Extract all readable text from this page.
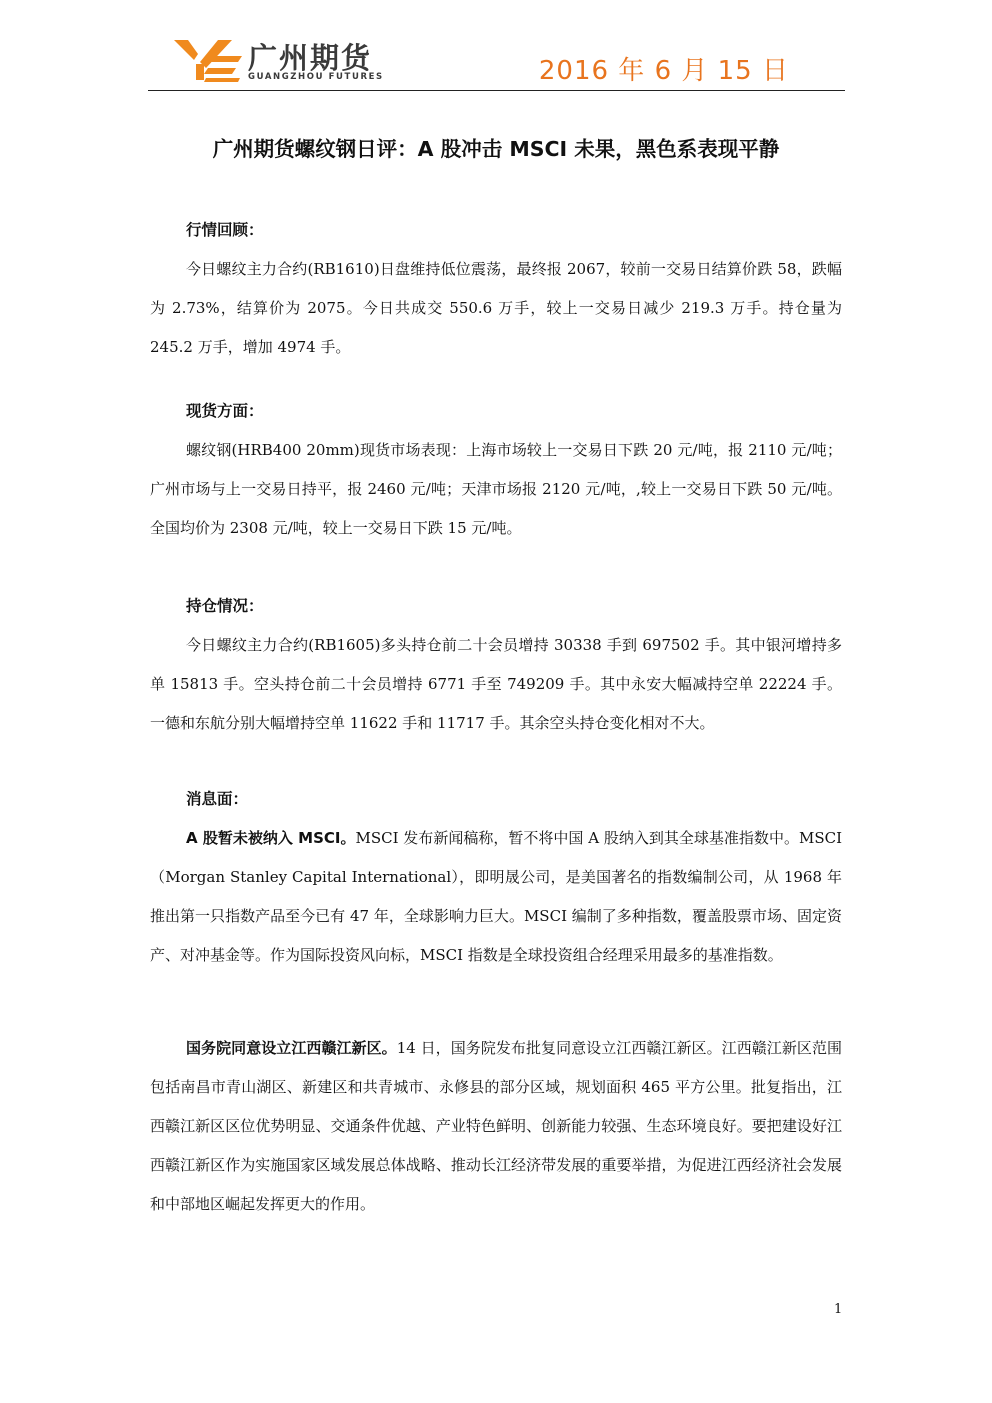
广州期货
GUANGZHOU FUTURES	2016 年 6 月 15 日
广州期货螺纹钢日评：A 股冲击 MSCI 未果，黑色系表现平静
行情回顾：

今日螺纹主力合约(RB1610)日盘维持低位震荡，最终报 2067，较前一交易日结算价跌 58，跌幅为 2.73%，结算价为 2075。今日共成交 550.6 万手，较上一交易日减少 219.3 万手。持仓量为 245.2 万手，增加 4974 手。

现货方面：

螺纹钢(HRB400 20mm)现货市场表现：上海市场较上一交易日下跌 20 元/吨，报 2110 元/吨；广州市场与上一交易日持平，报 2460 元/吨；天津市场报 2120 元/吨，,较上一交易日下跌 50 元/吨。全国均价为 2308 元/吨，较上一交易日下跌 15 元/吨。

持仓情况：

今日螺纹主力合约(RB1605)多头持仓前二十会员增持 30338 手到 697502 手。其中银河增持多单 15813 手。空头持仓前二十会员增持 6771 手至 749209 手。其中永安大幅减持空单 22224 手。一德和东航分别大幅增持空单 11622 手和 11717 手。其余空头持仓变化相对不大。

消息面：

A 股暂未被纳入 MSCI。MSCI 发布新闻稿称，暂不将中国 A 股纳入到其全球基准指数中。MSCI（Morgan Stanley Capital International），即明晟公司，是美国著名的指数编制公司，从 1968 年推出第一只指数产品至今已有 47 年，全球影响力巨大。MSCI 编制了多种指数，覆盖股票市场、固定资产、对冲基金等。作为国际投资风向标，MSCI 指数是全球投资组合经理采用最多的基准指数。

国务院同意设立江西赣江新区。14 日，国务院发布批复同意设立江西赣江新区。江西赣江新区范围包括南昌市青山湖区、新建区和共青城市、永修县的部分区域，规划面积 465 平方公里。批复指出，江西赣江新区区位优势明显、交通条件优越、产业特色鲜明、创新能力较强、生态环境良好。要把建设好江西赣江新区作为实施国家区域发展总体战略、推动长江经济带发展的重要举措，为促进江西经济社会发展和中部地区崛起发挥更大的作用。

1
